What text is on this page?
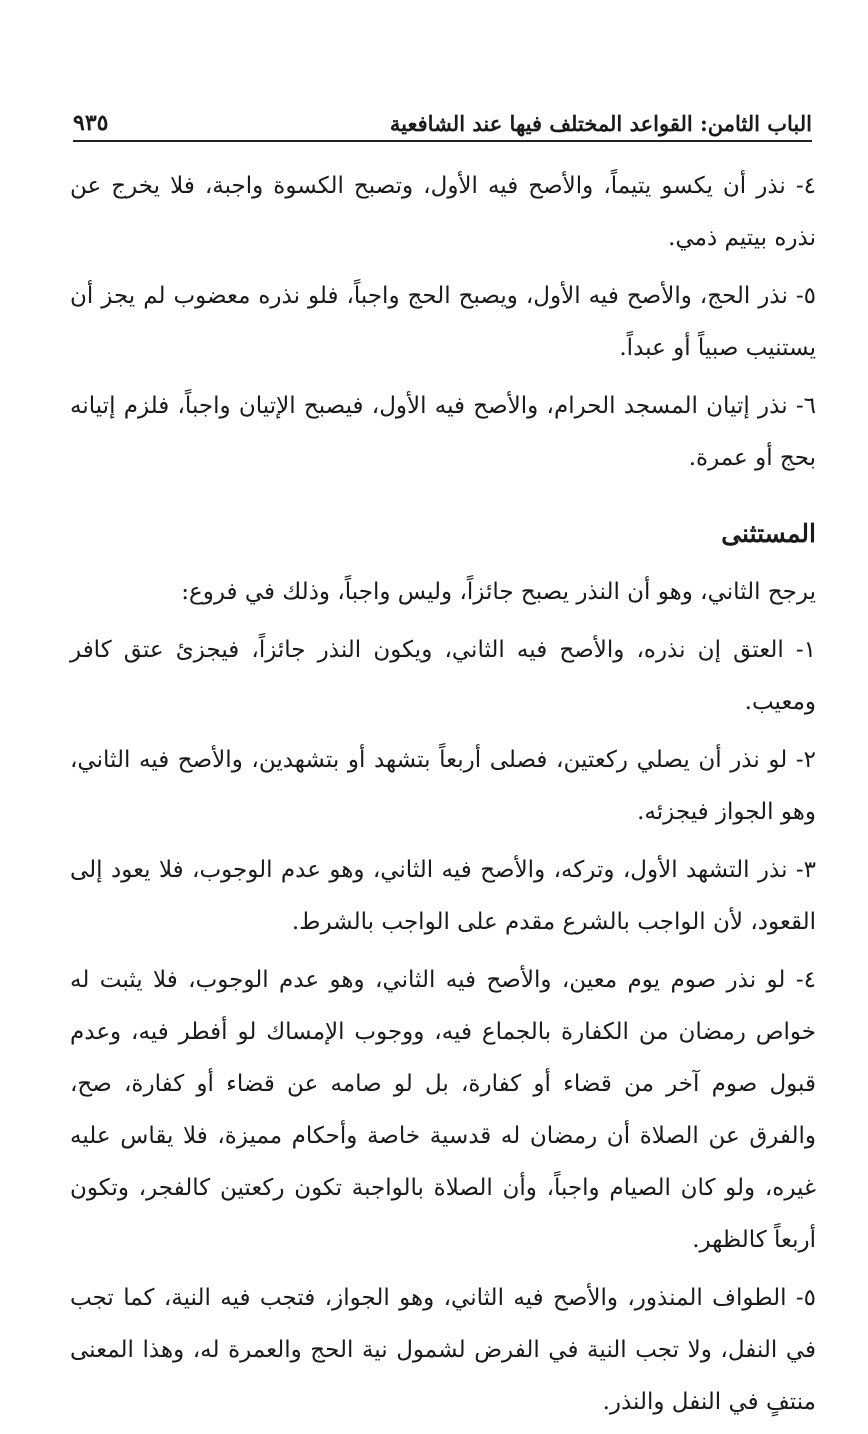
الباب الثامن: القواعد المختلف فيها عند الشافعية
٩٣٥

٤- نذر أن يكسو يتيماً، والأصح فيه الأول، وتصبح الكسوة واجبة، فلا يخرج عن نذره بيتيم ذمي.

٥- نذر الحج، والأصح فيه الأول، ويصبح الحج واجباً، فلو نذره معضوب لم يجز أن يستنيب صبياً أو عبداً.

٦- نذر إتيان المسجد الحرام، والأصح فيه الأول، فيصبح الإتيان واجباً، فلزم إتيانه بحج أو عمرة.

المستثنى

يرجح الثاني، وهو أن النذر يصبح جائزاً، وليس واجباً، وذلك في فروع:

١- العتق إن نذره، والأصح فيه الثاني، ويكون النذر جائزاً، فيجزئ عتق كافر ومعيب.

٢- لو نذر أن يصلي ركعتين، فصلى أربعاً بتشهد أو بتشهدين، والأصح فيه الثاني، وهو الجواز فيجزئه.

٣- نذر التشهد الأول، وتركه، والأصح فيه الثاني، وهو عدم الوجوب، فلا يعود إلى القعود، لأن الواجب بالشرع مقدم على الواجب بالشرط.

٤- لو نذر صوم يوم معين، والأصح فيه الثاني، وهو عدم الوجوب، فلا يثبت له خواص رمضان من الكفارة بالجماع فيه، ووجوب الإمساك لو أفطر فيه، وعدم قبول صوم آخر من قضاء أو كفارة، بل لو صامه عن قضاء أو كفارة، صح، والفرق عن الصلاة أن رمضان له قدسية خاصة وأحكام مميزة، فلا يقاس عليه غيره، ولو كان الصيام واجباً، وأن الصلاة بالواجبة تكون ركعتين كالفجر، وتكون أربعاً كالظهر.

٥- الطواف المنذور، والأصح فيه الثاني، وهو الجواز، فتجب فيه النية، كما تجب في النفل، ولا تجب النية في الفرض لشمول نية الحج والعمرة له، وهذا المعنى منتفٍ في النفل والنذر.
